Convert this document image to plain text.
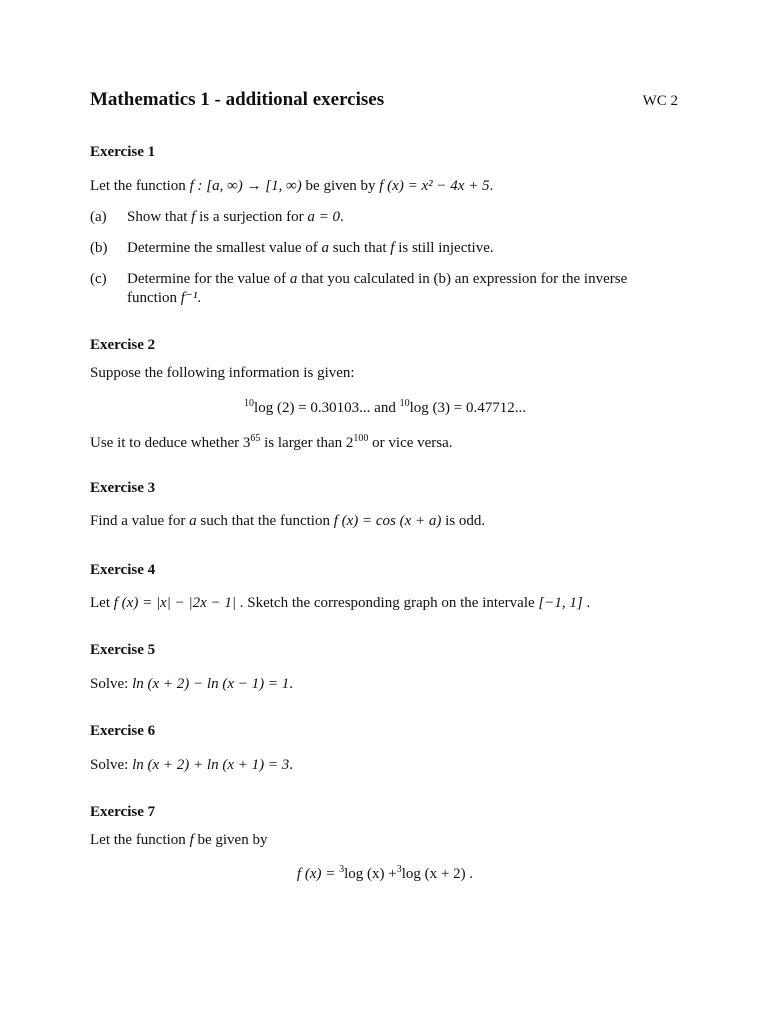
Mathematics 1 - additional exercises	WC 2
Exercise 1
Let the function f : [a, ∞) → [1, ∞) be given by f (x) = x² − 4x + 5.
(a) Show that f is a surjection for a = 0.
(b) Determine the smallest value of a such that f is still injective.
(c) Determine for the value of a that you calculated in (b) an expression for the inverse
function f⁻¹.
Exercise 2
Suppose the following information is given:
$^{10}$log (2) = 0.30103... and $^{10}$log (3) = 0.47712...
Use it to deduce whether $3^{65}$ is larger than $2^{100}$ or vice versa.
Exercise 3
Find a value for a such that the function f (x) = cos (x + a) is odd.
Exercise 4
Let f (x) = |x| − |2x − 1| . Sketch the corresponding graph on the intervale [−1, 1] .
Exercise 5
Solve: ln (x + 2) − ln (x − 1) = 1.
Exercise 6
Solve: ln (x + 2) + ln (x + 1) = 3.
Exercise 7
Let the function f be given by
f (x) = $^3$log (x) +$^3$log (x + 2) .
